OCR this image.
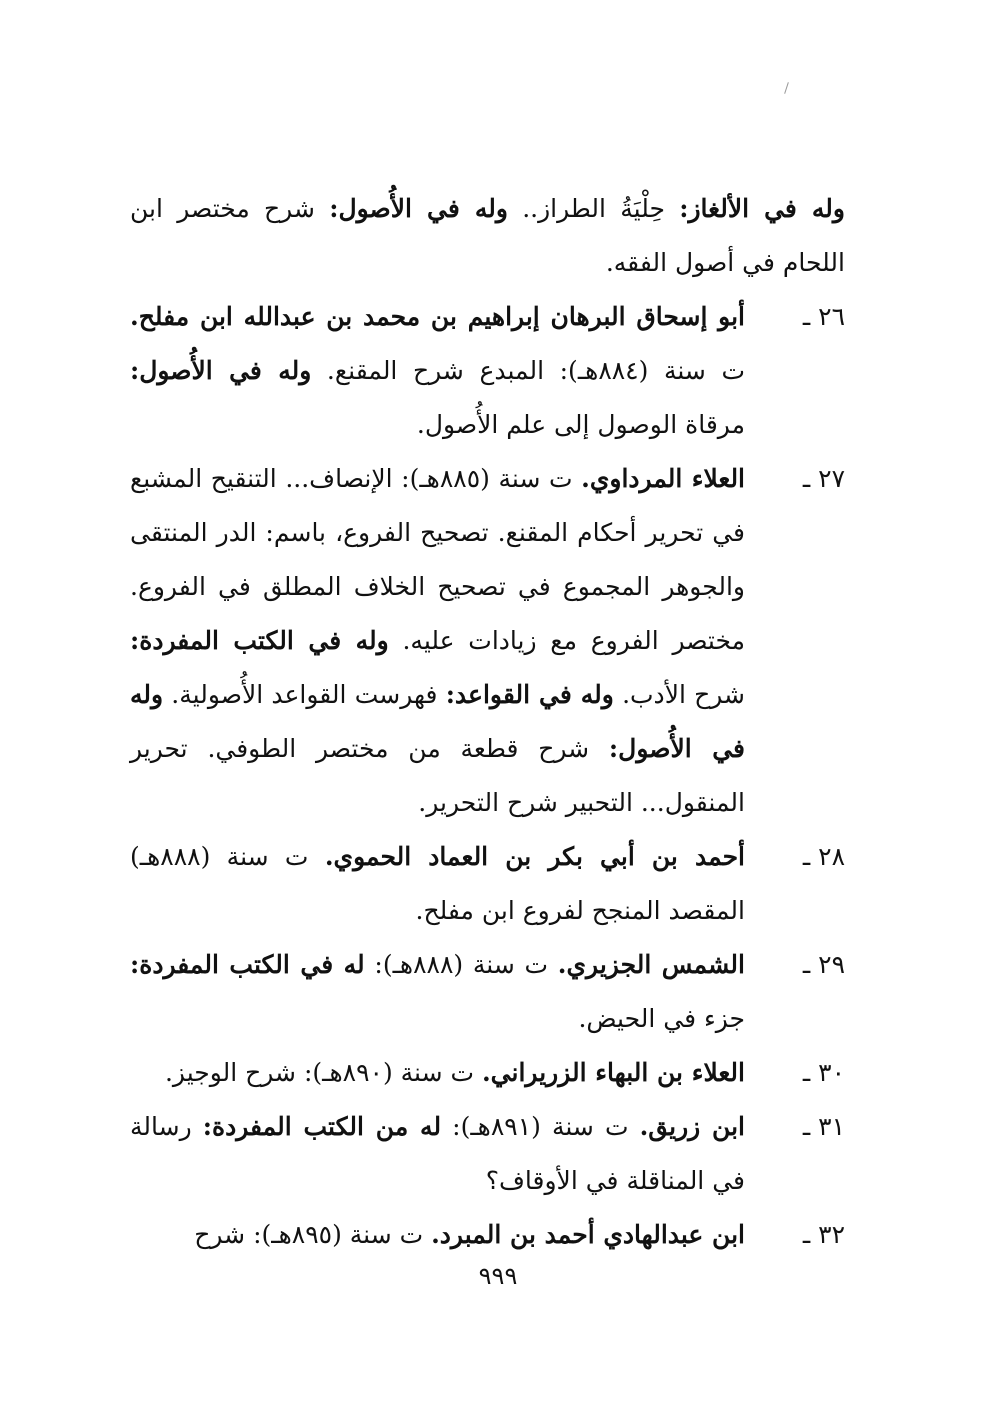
وله في الألغاز: حِلْيَةُ الطراز.. وله في الأُصول: شرح مختصر ابن اللحام في أصول الفقه.

٢٦ ـ
أبو إسحاق البرهان إبراهيم بن محمد بن عبدالله ابن مفلح. ت سنة (٨٨٤هـ): المبدع شرح المقنع. وله في الأُصول: مرقاة الوصول إلى علم الأُصول.
٢٧ ـ
العلاء المرداوي. ت سنة (٨٨٥هـ): الإنصاف... التنقيح المشبع في تحرير أحكام المقنع. تصحيح الفروع، باسم: الدر المنتقى والجوهر المجموع في تصحيح الخلاف المطلق في الفروع. مختصر الفروع مع زيادات عليه. وله في الكتب المفردة: شرح الأدب. وله في القواعد: فهرست القواعد الأُصولية. وله في الأُصول: شرح قطعة من مختصر الطوفي. تحرير المنقول... التحبير شرح التحرير.
٢٨ ـ
أحمد بن أبي بكر بن العماد الحموي. ت سنة (٨٨٨هـ) المقصد المنجح لفروع ابن مفلح.
٢٩ ـ
الشمس الجزيري. ت سنة (٨٨٨هـ): له في الكتب المفردة: جزء في الحيض.
٣٠ ـ
العلاء بن البهاء الزريراني. ت سنة (٨٩٠هـ): شرح الوجيز.
٣١ ـ
ابن زريق. ت سنة (٨٩١هـ): له من الكتب المفردة: رسالة في المناقلة في الأوقاف؟
٣٢ ـ
ابن عبدالهادي أحمد بن المبرد. ت سنة (٨٩٥هـ): شرح
٩٩٩
